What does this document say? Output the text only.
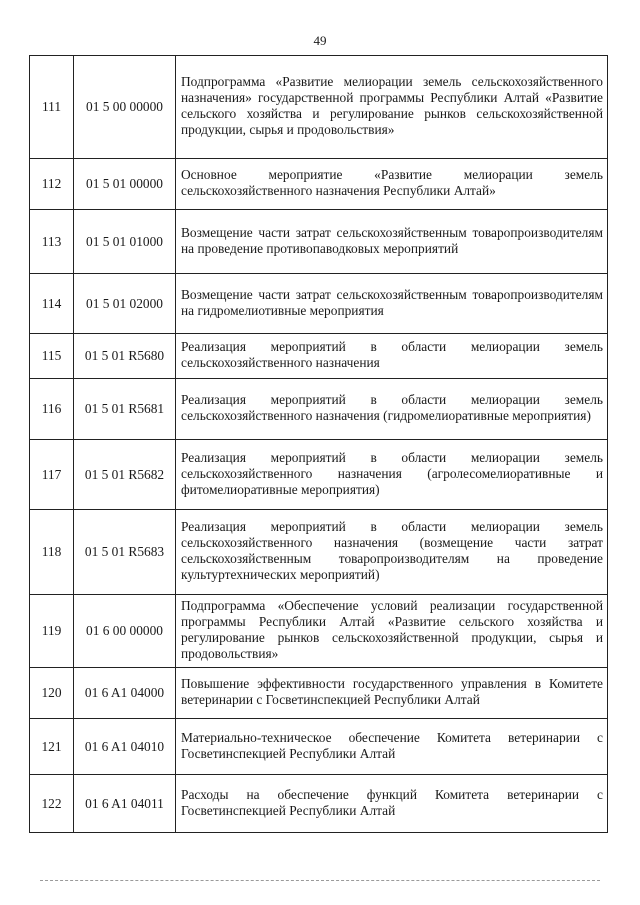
49
111	01 5 00 00000	Подпрограмма «Развитие мелиорации земель сельскохозяйственного назначения» государственной программы Республики Алтай «Развитие сельского хозяйства и регулирование рынков сельскохозяйственной продукции, сырья и продовольствия»
112	01 5 01 00000	Основное мероприятие «Развитие мелиорации земель сельскохозяйственного назначения Республики Алтай»
113	01 5 01 01000	Возмещение части затрат сельскохозяйственным товаропроизводителям на проведение противопаводковых мероприятий
114	01 5 01 02000	Возмещение части затрат сельскохозяйственным товаропроизводителям на гидромелиотивные мероприятия
115	01 5 01 R5680	Реализация мероприятий в области мелиорации земель сельскохозяйственного назначения
116	01 5 01 R5681	Реализация мероприятий в области мелиорации земель сельскохозяйственного назначения (гидромелиоративные мероприятия)
117	01 5 01 R5682	Реализация мероприятий в области мелиорации земель сельскохозяйственного назначения (агролесомелиоративные и фитомелиоративные мероприятия)
118	01 5 01 R5683	Реализация мероприятий в области мелиорации земель сельскохозяйственного назначения (возмещение части затрат сельскохозяйственным товаропроизводителям на проведение культуртехнических мероприятий)
119	01 6 00 00000	Подпрограмма «Обеспечение условий реализации государственной программы Республики Алтай «Развитие сельского хозяйства и регулирование рынков сельскохозяйственной продукции, сырья и продовольствия»
120	01 6 A1 04000	Повышение эффективности государственного управления в Комитете ветеринарии с Госветинспекцией Республики Алтай
121	01 6 A1 04010	Материально-техническое обеспечение Комитета ветеринарии с Госветинспекцией Республики Алтай
122	01 6 A1 04011	Расходы на обеспечение функций Комитета ветеринарии с Госветинспекцией Республики Алтай
